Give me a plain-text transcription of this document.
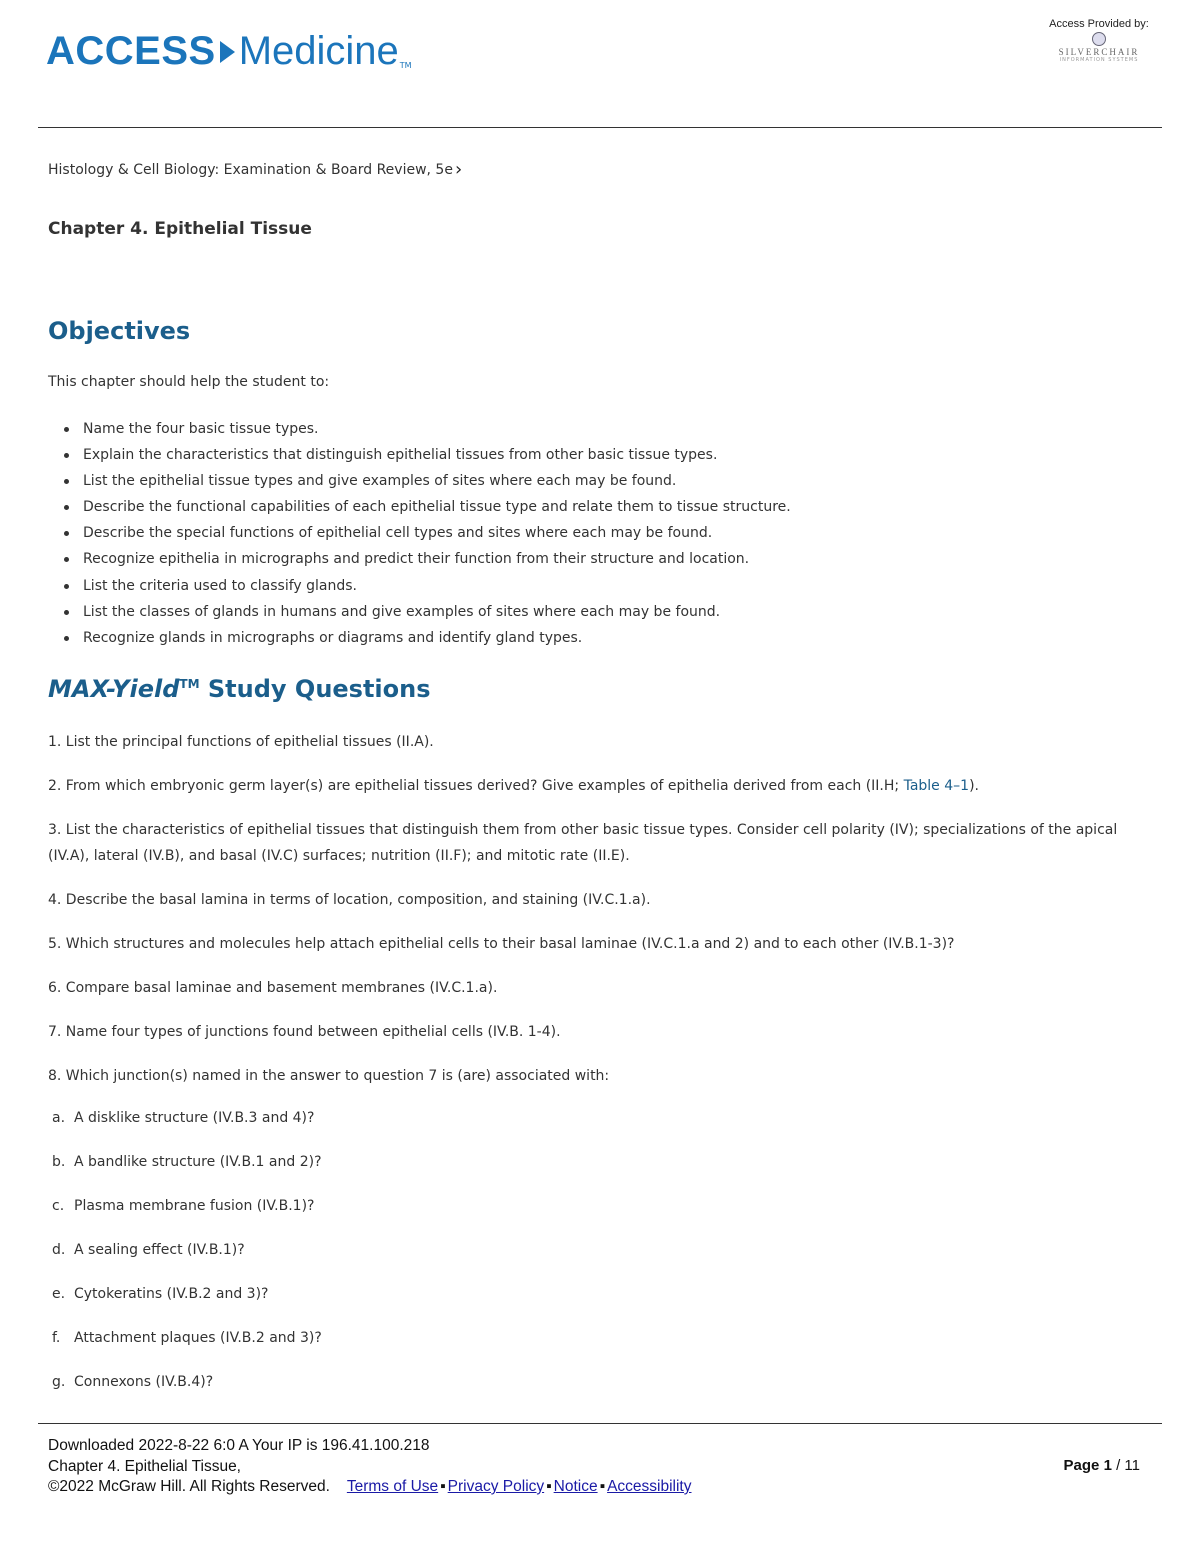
ACCESS Medicine TM
Access Provided by:
SILVERCHAIR
INFORMATION SYSTEMS
Histology & Cell Biology: Examination & Board Review, 5e ›
Chapter 4. Epithelial Tissue
Objectives
This chapter should help the student to:
Name the four basic tissue types.
Explain the characteristics that distinguish epithelial tissues from other basic tissue types.
List the epithelial tissue types and give examples of sites where each may be found.
Describe the functional capabilities of each epithelial tissue type and relate them to tissue structure.
Describe the special functions of epithelial cell types and sites where each may be found.
Recognize epithelia in micrographs and predict their function from their structure and location.
List the criteria used to classify glands.
List the classes of glands in humans and give examples of sites where each may be found.
Recognize glands in micrographs or diagrams and identify gland types.
MAX-Yield™ Study Questions
1. List the principal functions of epithelial tissues (II.A).
2. From which embryonic germ layer(s) are epithelial tissues derived? Give examples of epithelia derived from each (II.H; Table 4–1).
3. List the characteristics of epithelial tissues that distinguish them from other basic tissue types. Consider cell polarity (IV); specializations of the apical (IV.A), lateral (IV.B), and basal (IV.C) surfaces; nutrition (II.F); and mitotic rate (II.E).
4. Describe the basal lamina in terms of location, composition, and staining (IV.C.1.a).
5. Which structures and molecules help attach epithelial cells to their basal laminae (IV.C.1.a and 2) and to each other (IV.B.1-3)?
6. Compare basal laminae and basement membranes (IV.C.1.a).
7. Name four types of junctions found between epithelial cells (IV.B. 1-4).
8. Which junction(s) named in the answer to question 7 is (are) associated with:
a. A disklike structure (IV.B.3 and 4)?
b. A bandlike structure (IV.B.1 and 2)?
c. Plasma membrane fusion (IV.B.1)?
d. A sealing effect (IV.B.1)?
e. Cytokeratins (IV.B.2 and 3)?
f. Attachment plaques (IV.B.2 and 3)?
g. Connexons (IV.B.4)?
Downloaded 2022-8-22 6:0 A Your IP is 196.41.100.218
Chapter 4. Epithelial Tissue,
©2022 McGraw Hill. All Rights Reserved. Terms of Use ▪ Privacy Policy ▪ Notice ▪ Accessibility
Page 1 / 11
